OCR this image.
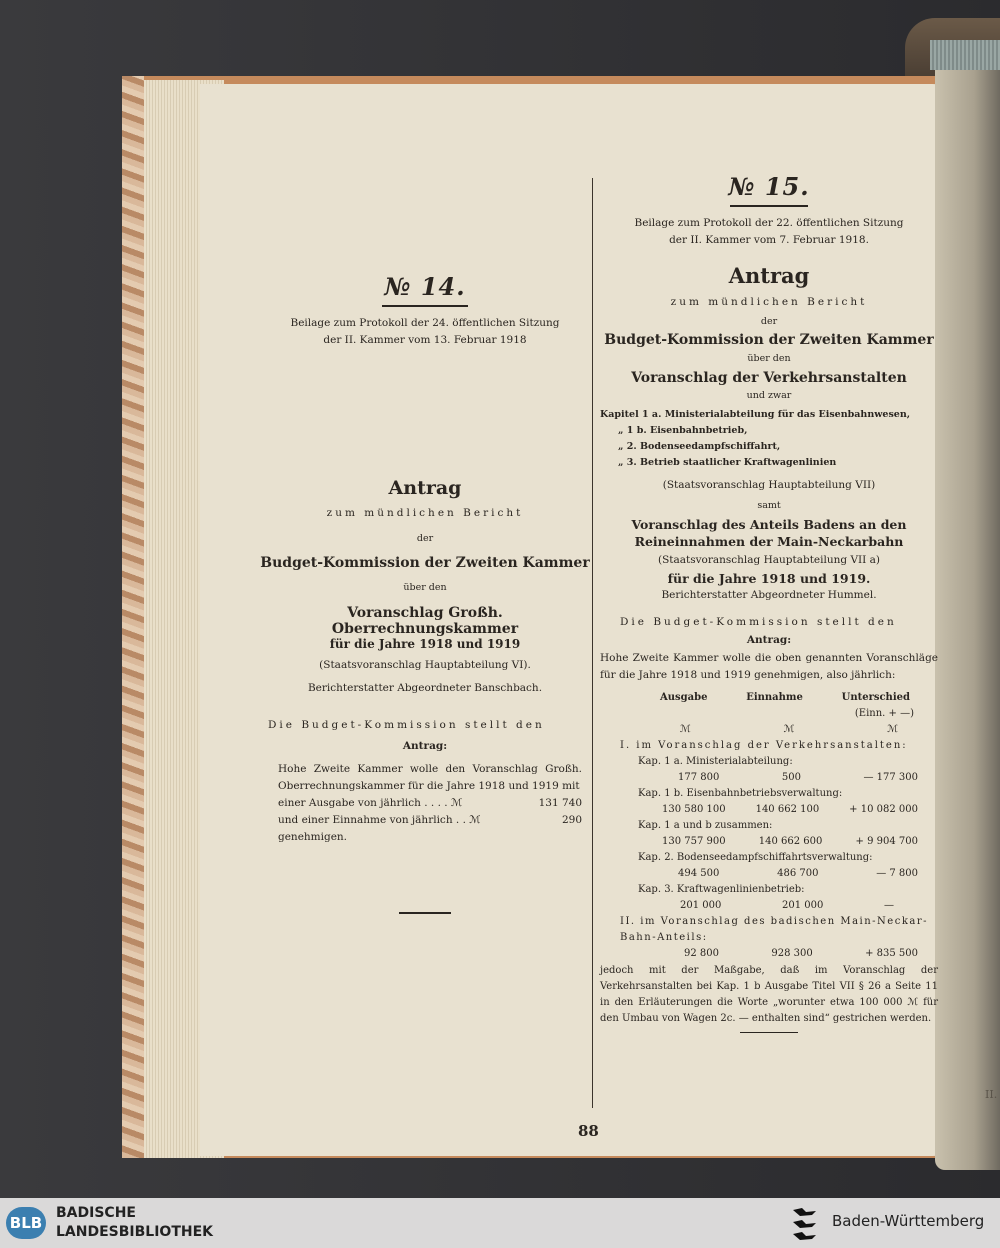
II.
№ 14.
Beilage zum Protokoll der 24. öffentlichen Sitzung
der II. Kammer vom 13. Februar 1918
Antrag
zum mündlichen Bericht
der
Budget-Kommission der Zweiten Kammer
über den
Voranschlag Großh. Oberrechnungskammer
für die Jahre 1918 und 1919
(Staatsvoranschlag Hauptabteilung VI).
Berichterstatter Abgeordneter Banschbach.
Die Budget-Kommission stellt den
Antrag:
Hohe Zweite Kammer wolle den Voranschlag Großh. Oberrechnungskammer für die Jahre 1918 und 1919 mit
einer Ausgabe von jährlich . . . . ℳ	131 740
und einer Einnahme von jährlich . . ℳ	290
genehmigen.
№ 15.
Beilage zum Protokoll der 22. öffentlichen Sitzung
der II. Kammer vom 7. Februar 1918.
Antrag
zum mündlichen Bericht
der
Budget-Kommission der Zweiten Kammer
über den
Voranschlag der Verkehrsanstalten
und zwar
Kapitel 1 a. Ministerialabteilung für das Eisenbahnwesen,
„ 1 b. Eisenbahnbetrieb,
„ 2. Bodenseedampfschiffahrt,
„ 3. Betrieb staatlicher Kraftwagenlinien
(Staatsvoranschlag Hauptabteilung VII)
samt
Voranschlag des Anteils Badens an den Reineinnahmen der Main-Neckarbahn
(Staatsvoranschlag Hauptabteilung VII a)
für die Jahre 1918 und 1919.
Berichterstatter Abgeordneter Hummel.
Die Budget-Kommission stellt den
Antrag:
Hohe Zweite Kammer wolle die oben genannten Voranschläge für die Jahre 1918 und 1919 genehmigen, also jährlich:
Ausgabe	Einnahme	Unterschied
(Einn. + —)
ℳ	ℳ	ℳ
I. im Voranschlag der Verkehrsanstalten:
Kap. 1 a. Ministerialabteilung:
177 800	500	— 177 300
Kap. 1 b. Eisenbahnbetriebsverwaltung:
130 580 100	140 662 100	+ 10 082 000
Kap. 1 a und b zusammen:
130 757 900	140 662 600	+ 9 904 700
Kap. 2. Bodenseedampfschiffahrtsverwaltung:
494 500	486 700	— 7 800
Kap. 3. Kraftwagenlinienbetrieb:
201 000	201 000	—
II. im Voranschlag des badischen Main-Neckar-Bahn-Anteils:
92 800	928 300	+ 835 500
jedoch mit der Maßgabe, daß im Voranschlag der Verkehrsanstalten bei Kap. 1 b Ausgabe Titel VII § 26 a Seite 11 in den Erläuterungen die Worte „worunter etwa 100 000 ℳ für den Umbau von Wagen 2c. — enthalten sind“ gestrichen werden.
88
BLB
BADISCHE
LANDESBIBLIOTHEK
Baden-Württemberg
